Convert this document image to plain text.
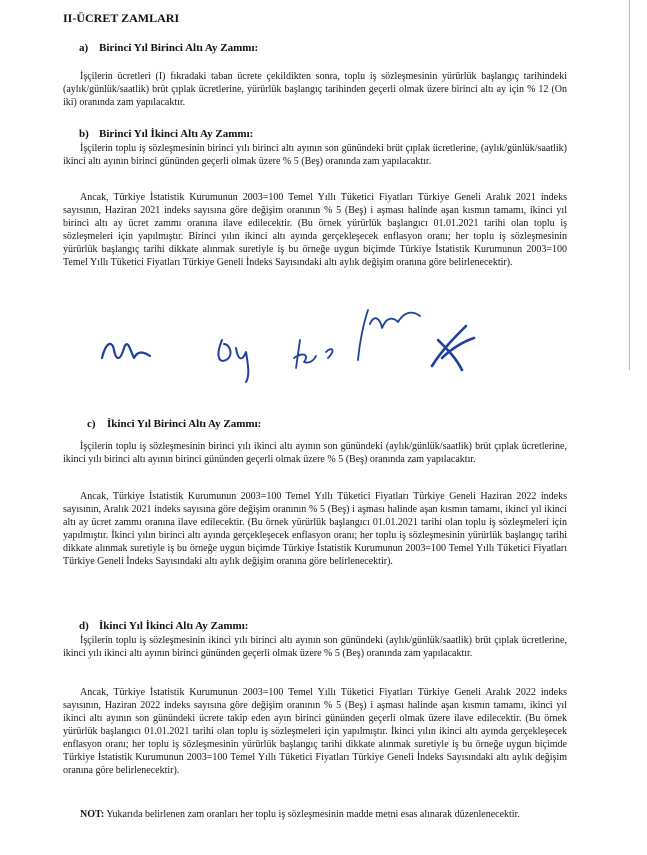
II-ÜCRET ZAMLARI
a) Birinci Yıl Birinci Altı Ay Zammı:

İşçilerin ücretleri (I) fıkradaki taban ücrete çekildikten sonra, toplu iş sözleşmesinin yürürlük başlangıç tarihindeki (aylık/günlük/saatlik) brüt çıplak ücretlerine, yürürlük başlangıç tarihinden geçerli olmak üzere birinci altı ay için % 12 (On iki) oranında zam yapılacaktır.

b) Birinci Yıl İkinci Altı Ay Zammı:

İşçilerin toplu iş sözleşmesinin birinci yılı birinci altı ayının son günündeki brüt çıplak ücretlerine, (aylık/günlük/saatlik) ikinci altı ayının birinci gününden geçerli olmak üzere % 5 (Beş) oranında zam yapılacaktır.

Ancak, Türkiye İstatistik Kurumunun 2003=100 Temel Yıllı Tüketici Fiyatları Türkiye Geneli Aralık 2021 indeks sayısının, Haziran 2021 indeks sayısına göre değişim oranının % 5 (Beş) i aşması halinde aşan kısmın tamamı, ikinci yıl birinci altı ay ücret zammı oranına ilave edilecektir. (Bu örnek yürürlük başlangıcı 01.01.2021 tarihi olan toplu iş sözleşmeleri için yapılmıştır. Birinci yılın ikinci altı ayında gerçekleşecek enflasyon oranı; her toplu iş sözleşmesinin yürürlük başlangıç tarihi dikkate alınmak suretiyle iş bu örneğe uygun biçimde Türkiye İstatistik Kurumunun 2003=100 Temel Yıllı Tüketici Fiyatları Türkiye Geneli İndeks Sayısındaki altı aylık değişim oranına göre belirlenecektir).

c) İkinci Yıl Birinci Altı Ay Zammı:

İşçilerin toplu iş sözleşmesinin birinci yılı ikinci altı ayının son günündeki (aylık/günlük/saatlik) brüt çıplak ücretlerine, ikinci yılı birinci altı ayının birinci gününden geçerli olmak üzere % 5 (Beş) oranında zam yapılacaktır.

Ancak, Türkiye İstatistik Kurumunun 2003=100 Temel Yıllı Tüketici Fiyatları Türkiye Geneli Haziran 2022 indeks sayısının, Aralık 2021 indeks sayısına göre değişim oranının % 5 (Beş) i aşması halinde aşan kısmın tamamı, ikinci yıl ikinci altı ay ücret zammı oranına ilave edilecektir. (Bu örnek yürürlük başlangıcı 01.01.2021 tarihi olan toplu iş sözleşmeleri için yapılmıştır. İkinci yılın birinci altı ayında gerçekleşecek enflasyon oranı; her toplu iş sözleşmesinin yürürlük başlangıç tarihi dikkate alınmak suretiyle iş bu örneğe uygun biçimde Türkiye İstatistik Kurumunun 2003=100 Temel Yıllı Tüketici Fiyatları Türkiye Geneli İndeks Sayısındaki altı aylık değişim oranına göre belirlenecektir).

d) İkinci Yıl İkinci Altı Ay Zammı:

İşçilerin toplu iş sözleşmesinin ikinci yılı birinci altı ayının son günündeki (aylık/günlük/saatlik) brüt çıplak ücretlerine, ikinci yılı ikinci altı ayının birinci gününden geçerli olmak üzere % 5 (Beş) oranında zam yapılacaktır.

Ancak, Türkiye İstatistik Kurumunun 2003=100 Temel Yıllı Tüketici Fiyatları Türkiye Geneli Aralık 2022 indeks sayısının, Haziran 2022 indeks sayısına göre değişim oranının % 5 (Beş) i aşması halinde aşan kısmın tamamı, ikinci yıl ikinci altı ayının son günündeki ücrete takip eden ayın birinci gününden geçerli olmak üzere ilave edilecektir. (Bu örnek yürürlük başlangıcı 01.01.2021 tarihi olan toplu iş sözleşmeleri için yapılmıştır. İkinci yılın ikinci altı ayında gerçekleşecek enflasyon oranı; her toplu iş sözleşmesinin yürürlük başlangıç tarihi dikkate alınmak suretiyle iş bu örneğe uygun biçimde Türkiye İstatistik Kurumunun 2003=100 Temel Yıllı Tüketici Fiyatları Türkiye Geneli İndeks Sayısındaki altı aylık değişim oranına göre belirlenecektir).

NOT: Yukarıda belirlenen zam oranları her toplu iş sözleşmesinin madde metni esas alınarak düzenlenecektir.
